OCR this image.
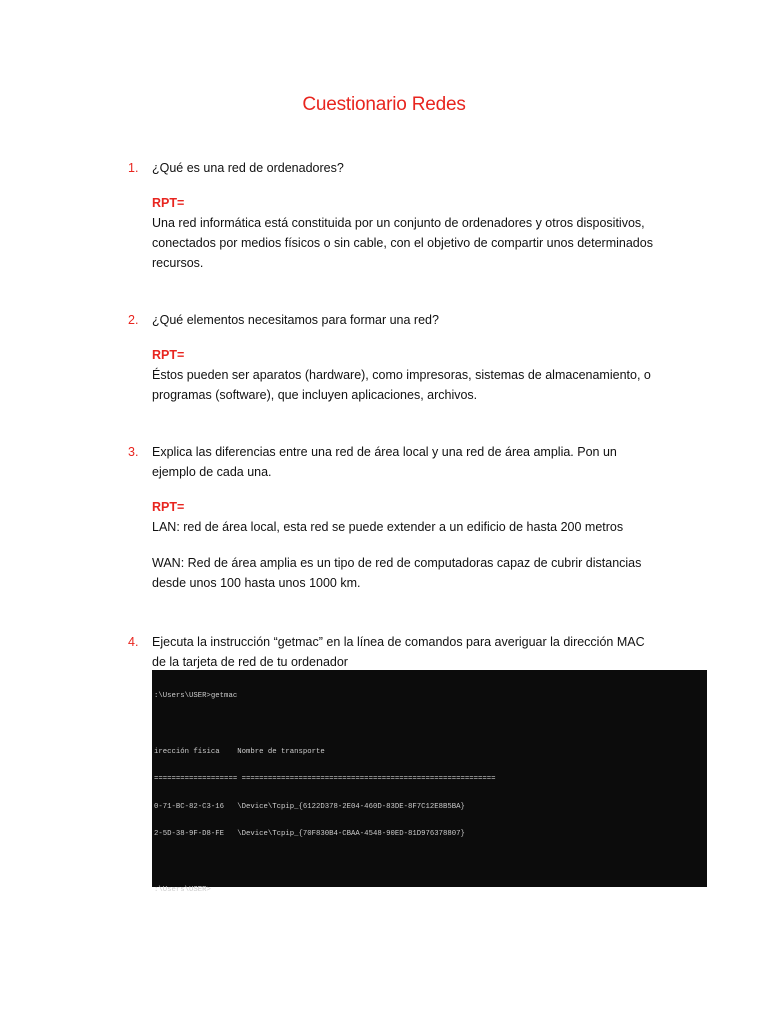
Cuestionario Redes
1. ¿Qué es una red de ordenadores?
RPT=
Una red informática está constituida por un conjunto de ordenadores y otros dispositivos,
conectados por medios físicos o sin cable, con el objetivo de compartir unos determinados
recursos.
2. ¿Qué elementos necesitamos para formar una red?
RPT=
Éstos pueden ser aparatos (hardware), como impresoras, sistemas de almacenamiento, o
programas (software), que incluyen aplicaciones, archivos.
3. Explica las diferencias entre una red de área local y una red de área amplia. Pon un
ejemplo de cada una.
RPT=
LAN: red de área local, esta red se puede extender a un edificio de hasta 200 metros
WAN: Red de área amplia es un tipo de red de computadoras capaz de cubrir distancias
desde unos 100 hasta unos 1000 km.
4. Ejecuta la instrucción “getmac” en la línea de comandos para averiguar la dirección MAC
de la tarjeta de red de tu ordenador

:\Users\USER>getmac

irección física    Nombre de transporte

=================== ==========================================================

0-71-BC-82-C3-16   \Device\Tcpip_{6122D378-2E04-460D-83DE-8F7C12E8B5BA}

2-5D-38-9F-D8-FE   \Device\Tcpip_{70F830B4-CBAA-4548-90ED-81D976378807}

:\Users\USER>
